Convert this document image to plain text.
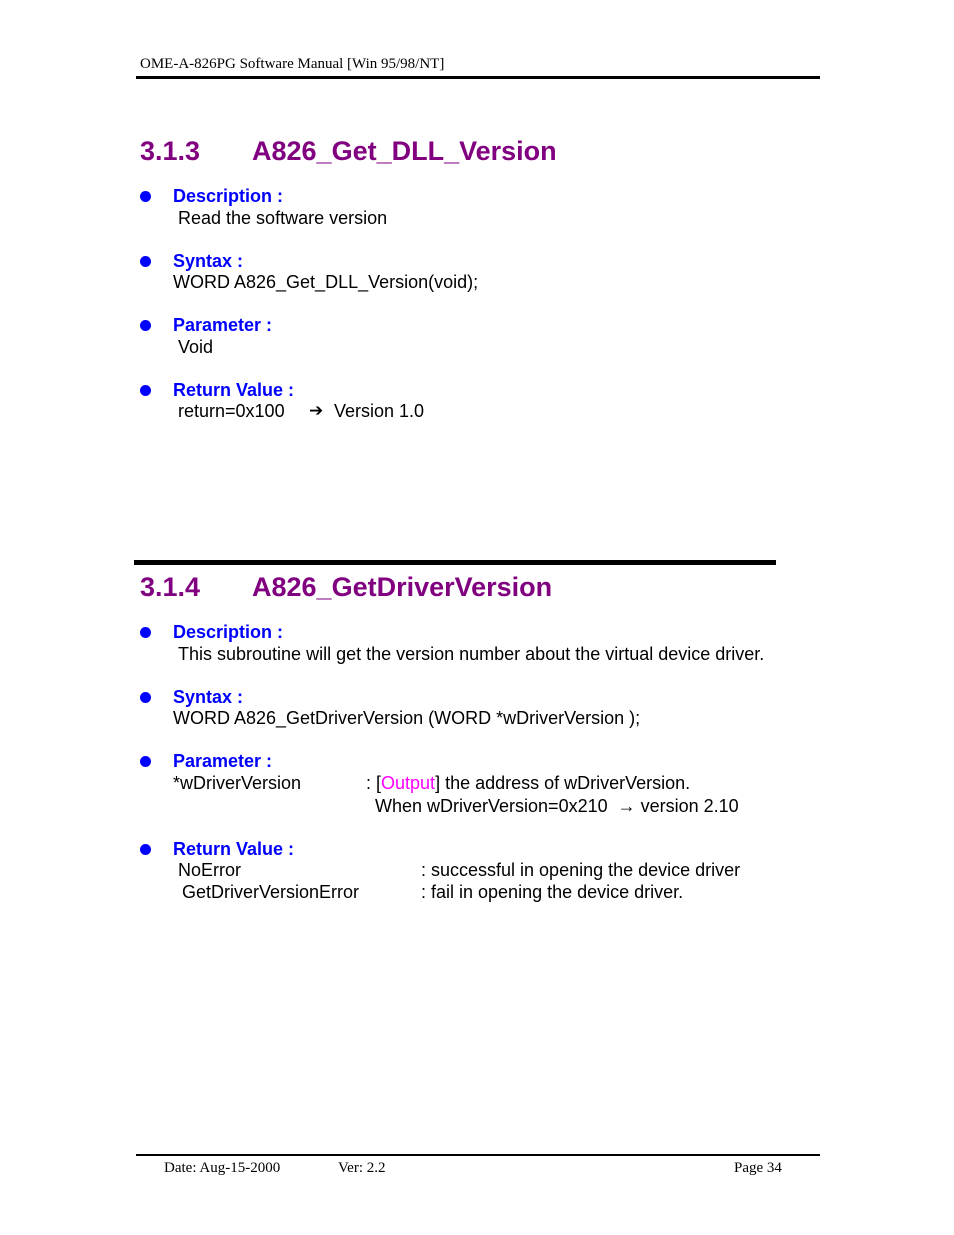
OME-A-826PG Software Manual [Win 95/98/NT]
3.1.3 A826_Get_DLL_Version
Description :
Read the software version
Syntax :
WORD A826_Get_DLL_Version(void);
Parameter :
Void
Return Value :
return=0x100 ➔ Version 1.0
3.1.4 A826_GetDriverVersion
Description :
This subroutine will get the version number about the virtual device driver.
Syntax :
WORD A826_GetDriverVersion (WORD *wDriverVersion );
Parameter :
*wDriverVersion	: [Output] the address of wDriverVersion.
When wDriverVersion=0x210 → version 2.10
Return Value :
NoError	: successful in opening the device driver
GetDriverVersionError	: fail in opening the device driver.
Date: Aug-15-2000	Ver: 2.2	Page 34
